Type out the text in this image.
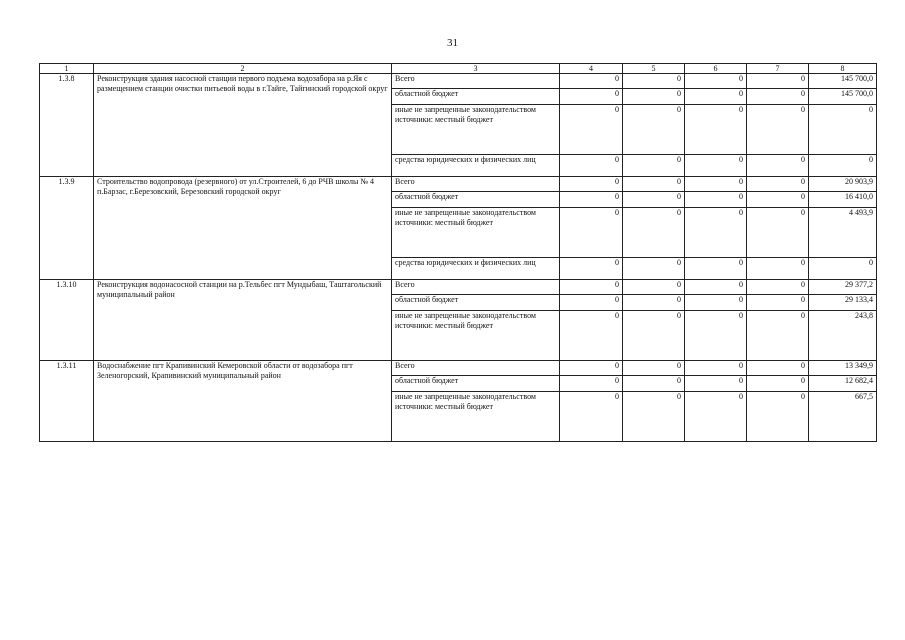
31
1	2	3	4	5	6	7	8
1.3.8	Реконструкция здания насосной станции первого подъема водозабора на р.Яя с размещением станции очистки питьевой воды в г.Тайге, Тайгинский городской округ	Всего	0	0	0	0	145 700,0
		областной бюджет	0	0	0	0	145 700,0
		иные не запрещенные законодательством источники: местный бюджет	0	0	0	0	0
		средства юридических и физических лиц	0	0	0	0	0
1.3.9	Строительство водопровода (резервного) от ул.Строителей, 6 до РЧВ школы № 4 п.Барзас, г.Березовский, Березовский городской округ	Всего	0	0	0	0	20 903,9
		областной бюджет	0	0	0	0	16 410,0
		иные не запрещенные законодательством источники: местный бюджет	0	0	0	0	4 493,9
		средства юридических и физических лиц	0	0	0	0	0
1.3.10	Реконструкция водонасосной станции на р.Тельбес пгт Мундыбаш, Таштагольский муниципальный район	Всего	0	0	0	0	29 377,2
		областной бюджет	0	0	0	0	29 133,4
		иные не запрещенные законодательством источники: местный бюджет	0	0	0	0	243,8
1.3.11	Водоснабжение пгт Крапивинский Кемеровской области от водозабора пгт Зеленогорский, Крапивинский муниципальный район	Всего	0	0	0	0	13 349,9
		областной бюджет	0	0	0	0	12 682,4
		иные не запрещенные законодательством источники: местный бюджет	0	0	0	0	667,5
